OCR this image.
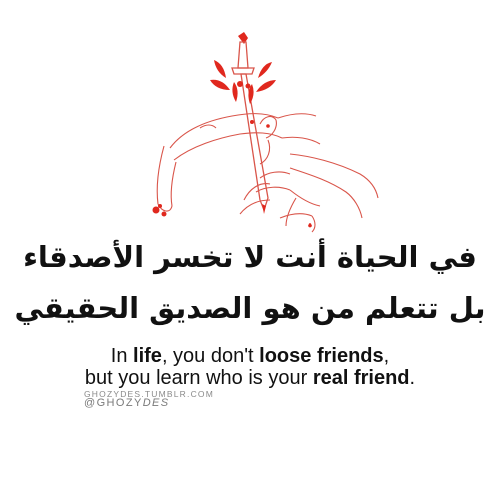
في الحياة أنت لا تخسر الأصدقاء
بل تتعلم من هو الصديق الحقيقي
In life, you don't loose friends,
but you learn who is your real friend.
GHOZYDES.TUMBLR.COM
@GHOZYDES
